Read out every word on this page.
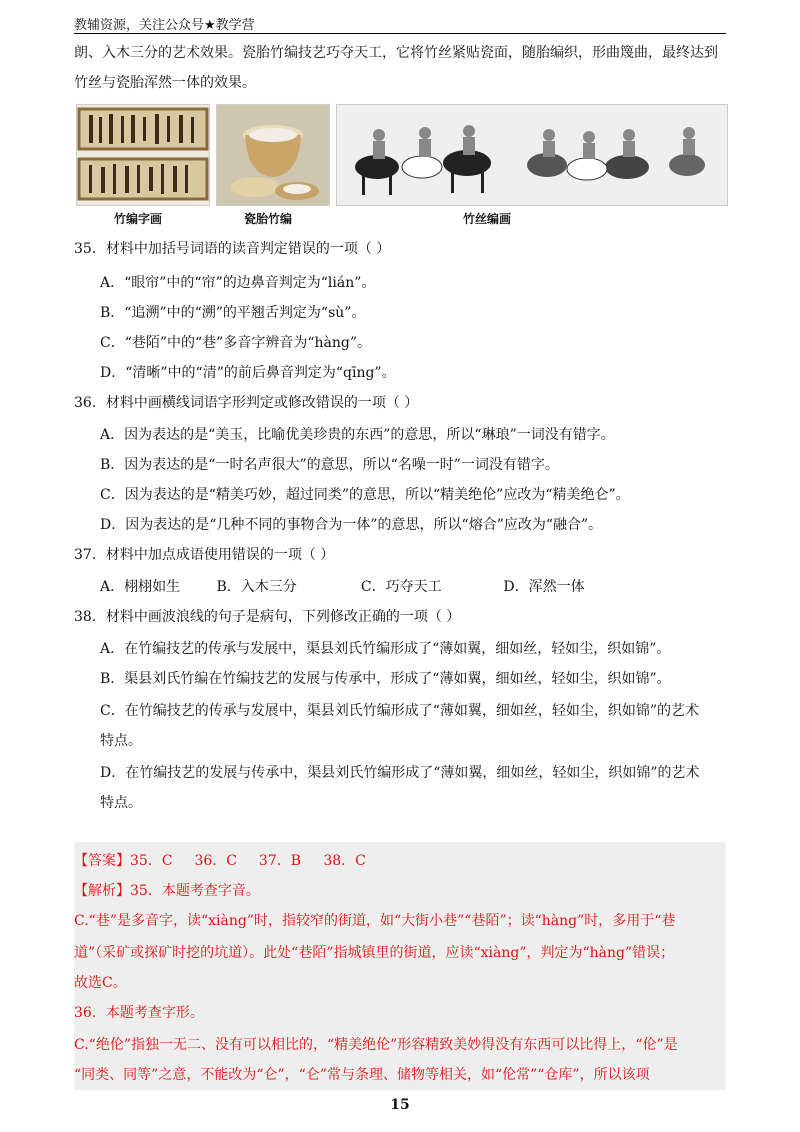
教辅资源，关注公众号★教学营
朗、入木三分的艺术效果。瓷胎竹编技艺巧夺天工，它将竹丝紧贴瓷面，随胎编织，形曲篾曲，最终达到
竹丝与瓷胎浑然一体的效果。
竹编字画	瓷胎竹编	竹丝编画
35．材料中加括号词语的读音判定错误的一项（ ）
A．“眼帘”中的“帘”的边鼻音判定为“lián”。
B．“追溯”中的“溯”的平翘舌判定为“sù”。
C．“巷陌”中的“巷”多音字辨音为“hàng”。
D．“清晰”中的“清”的前后鼻音判定为“qīng”。
36．材料中画横线词语字形判定或修改错误的一项（ ）
A．因为表达的是“美玉，比喻优美珍贵的东西”的意思，所以“琳琅”一词没有错字。
B．因为表达的是“一时名声很大”的意思，所以“名噪一时”一词没有错字。
C．因为表达的是“精美巧妙，超过同类”的意思，所以“精美绝伦”应改为“精美绝仑”。
D．因为表达的是“几种不同的事物合为一体”的意思，所以“熔合”应改为“融合”。
37．材料中加点成语使用错误的一项（ ）
A．栩栩如生	B．入木三分	C．巧夺天工	D．浑然一体
38．材料中画波浪线的句子是病句，下列修改正确的一项（ ）
A．在竹编技艺的传承与发展中，渠县刘氏竹编形成了“薄如翼，细如丝，轻如尘，织如锦”。
B．渠县刘氏竹编在竹编技艺的发展与传承中，形成了“薄如翼，细如丝，轻如尘，织如锦”。
C．在竹编技艺的传承与发展中，渠县刘氏竹编形成了“薄如翼，细如丝，轻如尘，织如锦”的艺术
特点。
D．在竹编技艺的发展与传承中，渠县刘氏竹编形成了“薄如翼，细如丝，轻如尘，织如锦”的艺术
特点。
【答案】35．C 36．C 37．B 38．C
【解析】35．本题考查字音。
C.“巷”是多音字，读“xiàng”时，指较窄的街道，如“大街小巷”“巷陌”；读“hàng”时，多用于“巷
道”（采矿或探矿时挖的坑道）。此处“巷陌”指城镇里的街道，应读“xiàng”，判定为“hàng”错误；
故选C。
36．本题考查字形。
C.“绝伦”指独一无二、没有可以相比的，“精美绝伦”形容精致美妙得没有东西可以比得上，“伦”是
“同类、同等”之意，不能改为“仑”，“仑”常与条理、储物等相关，如“伦常”“仓库”，所以该项
15
